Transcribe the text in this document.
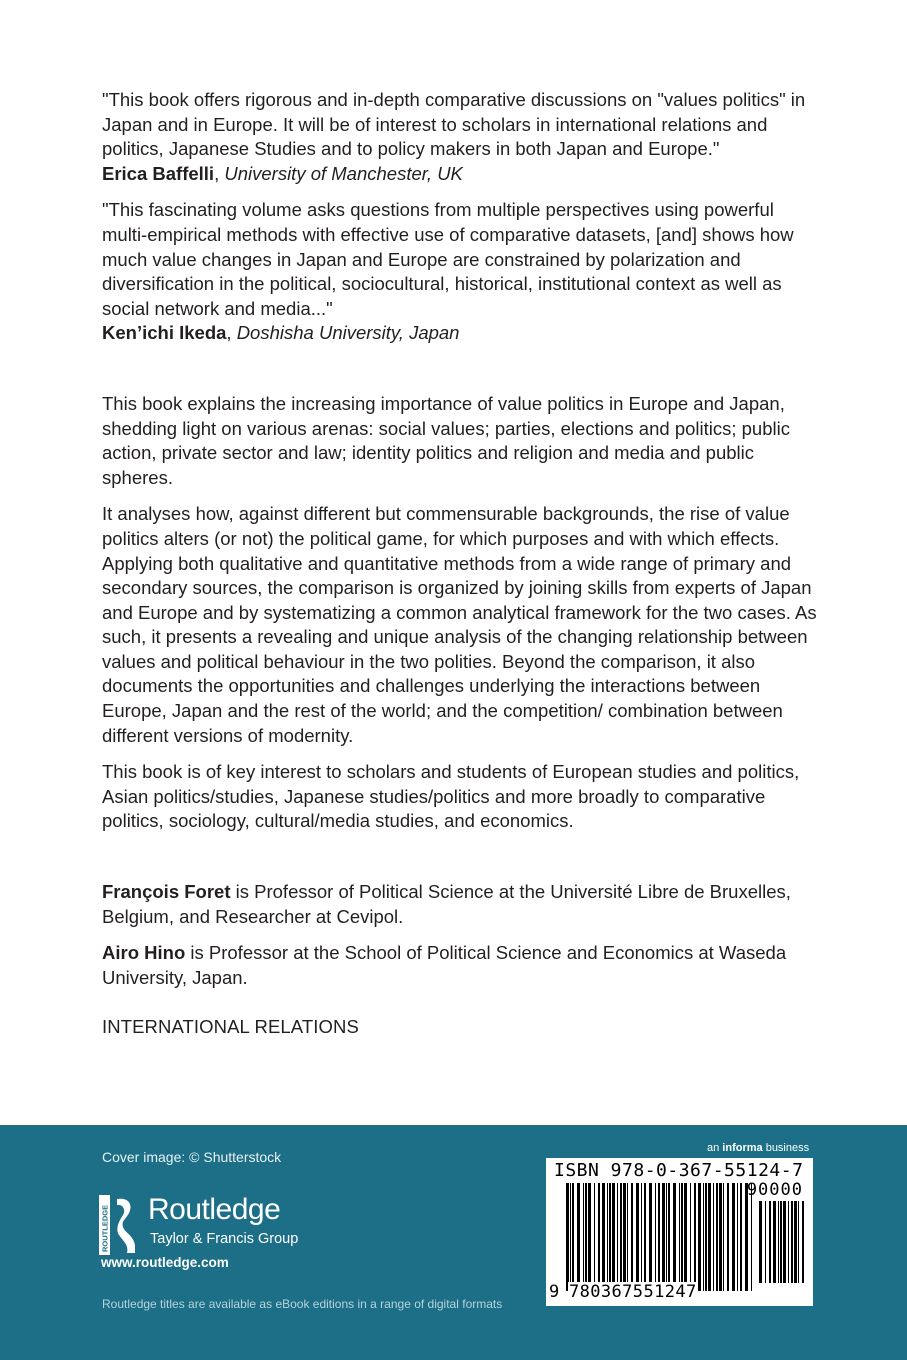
"This book offers rigorous and in-depth comparative discussions on "values politics" in Japan and in Europe. It will be of interest to scholars in international relations and politics, Japanese Studies and to policy makers in both Japan and Europe."
Erica Baffelli, University of Manchester, UK

"This fascinating volume asks questions from multiple perspectives using powerful multi-empirical methods with effective use of comparative datasets, [and] shows how much value changes in Japan and Europe are constrained by polarization and diversification in the political, sociocultural, historical, institutional context as well as social network and media..."
Ken’ichi Ikeda, Doshisha University, Japan

This book explains the increasing importance of value politics in Europe and Japan, shedding light on various arenas: social values; parties, elections and politics; public action, private sector and law; identity politics and religion and media and public spheres.

It analyses how, against different but commensurable backgrounds, the rise of value politics alters (or not) the political game, for which purposes and with which effects. Applying both qualitative and quantitative methods from a wide range of primary and secondary sources, the comparison is organized by joining skills from experts of Japan and Europe and by systematizing a common analytical framework for the two cases. As such, it presents a revealing and unique analysis of the changing relationship between values and political behaviour in the two polities. Beyond the comparison, it also documents the opportunities and challenges underlying the interactions between Europe, Japan and the rest of the world; and the competition/ combination between different versions of modernity.

This book is of key interest to scholars and students of European studies and politics, Asian politics/studies, Japanese studies/politics and more broadly to comparative politics, sociology, cultural/media studies, and economics.

François Foret is Professor of Political Science at the Université Libre de Bruxelles, Belgium, and Researcher at Cevipol.

Airo Hino is Professor at the School of Political Science and Economics at Waseda University, Japan.

INTERNATIONAL RELATIONS

Cover image: © Shutterstock
ROUTLEDGE Routledge
Taylor & Francis Group
www.routledge.com
Routledge titles are available as eBook editions in a range of digital formats
an informa business
ISBN 978-0-367-55124-7
90000
9 780367551247
